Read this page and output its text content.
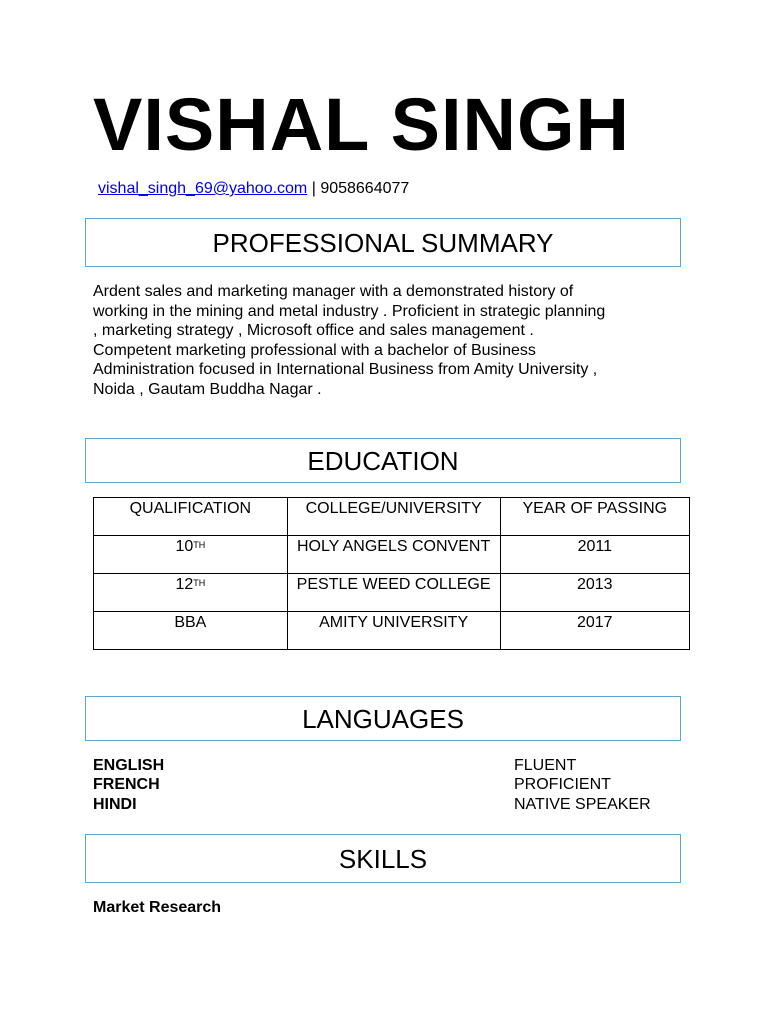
VISHAL SINGH
vishal_singh_69@yahoo.com | 9058664077
PROFESSIONAL SUMMARY

Ardent sales and marketing manager with a demonstrated history of
working in the mining and metal industry . Proficient in strategic planning
, marketing strategy , Microsoft office and sales management .
Competent marketing professional with a bachelor of Business
Administration focused in International Business from Amity University ,
Noida , Gautam Buddha Nagar .

EDUCATION
QUALIFICATION	COLLEGE/UNIVERSITY	YEAR OF PASSING
10TH	HOLY ANGELS CONVENT	2011
12TH	PESTLE WEED COLLEGE	2013
BBA	AMITY UNIVERSITY	2017
LANGUAGES
ENGLISH	FLUENT
FRENCH	PROFICIENT
HINDI	NATIVE SPEAKER
SKILLS
Market Research
